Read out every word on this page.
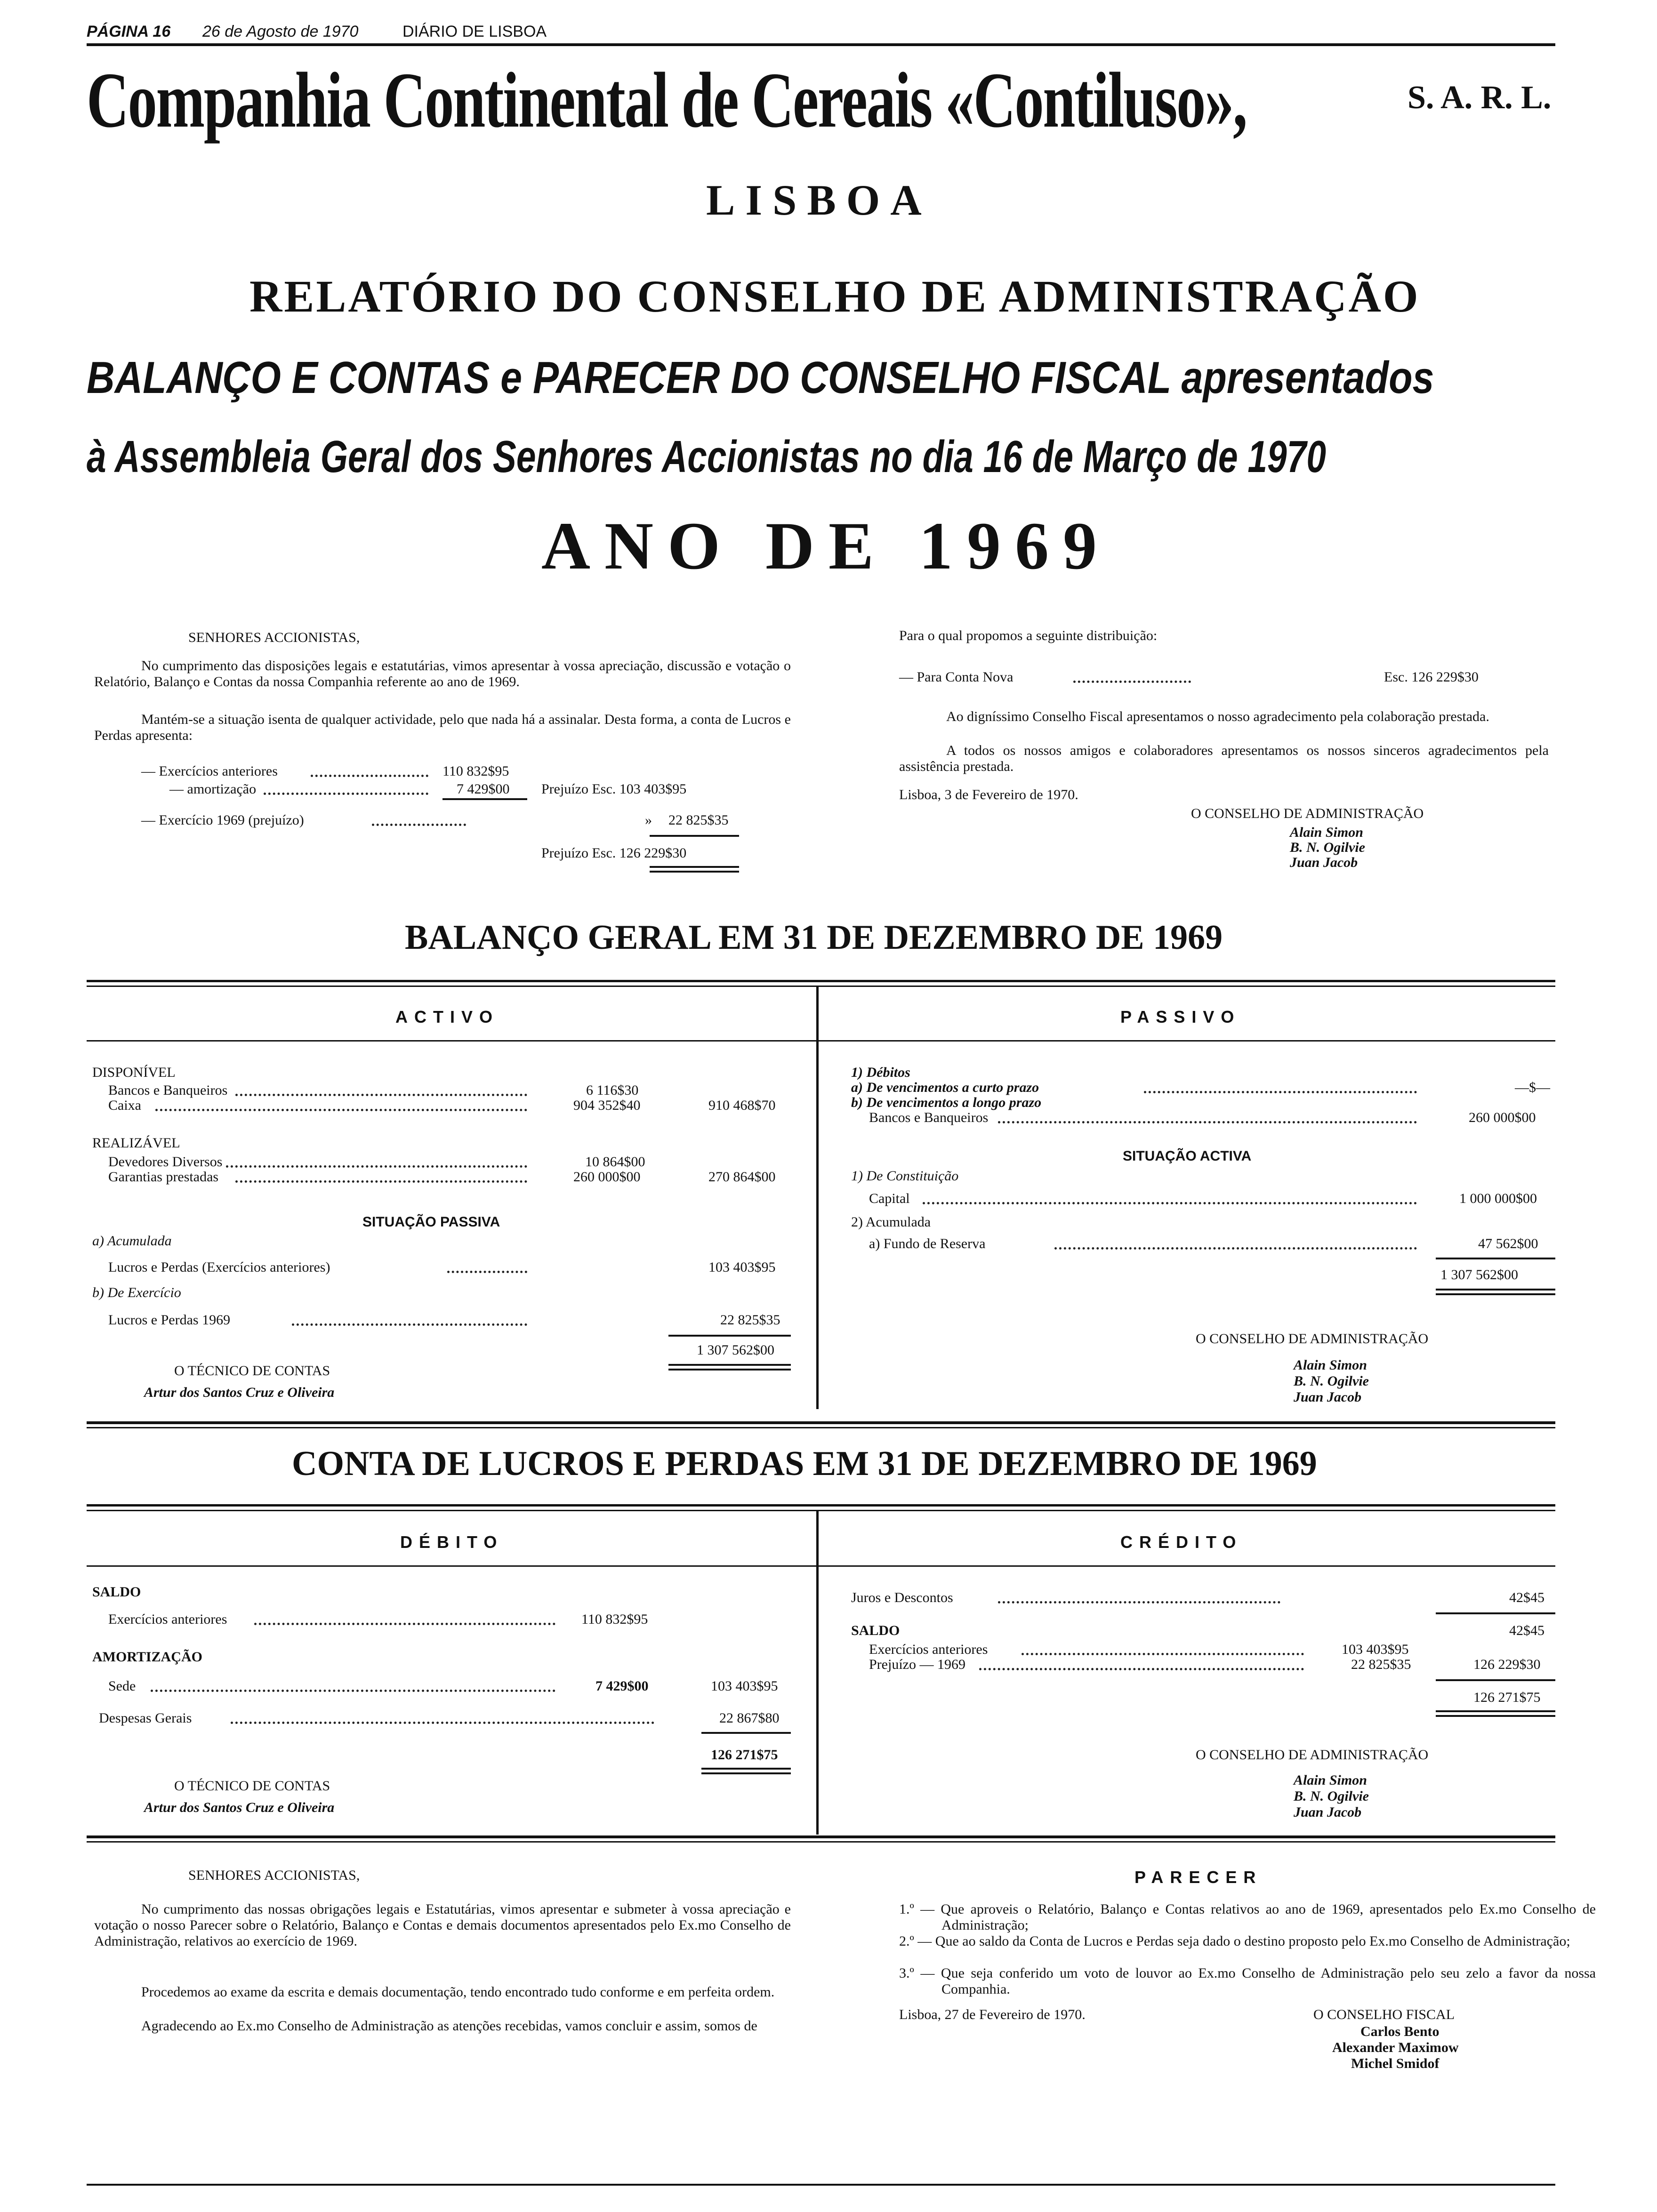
PÁGINA 16 26 de Agosto de 1970	DIÁRIO DE LISBOA
Companhia Continental de Cereais «Contiluso»,	S. A. R. L.
LISBOA
RELATÓRIO DO CONSELHO DE ADMINISTRAÇÃO
BALANÇO E CONTAS e PARECER DO CONSELHO FISCAL apresentados
à Assembleia Geral dos Senhores Accionistas no dia 16 de Março de 1970
ANO DE 1969
SENHORES ACCIONISTAS,
No cumprimento das disposições legais e estatutárias, vimos apresentar à vossa apreciação, discussão e votação o Relatório, Balanço e Contas da nossa Companhia referente ao ano de 1969.
Mantém-se a situação isenta de qualquer actividade, pelo que nada há a assinalar. Desta forma, a conta de Lucros e Perdas apresenta:
— Exercícios anteriores	110 832$95
— amortização	7 429$00 Prejuízo Esc. 103 403$95
— Exercício 1969 (prejuízo)	» 22 825$35
Prejuízo Esc. 126 229$30
Para o qual propomos a seguinte distribuição:
— Para Conta Nova	Esc. 126 229$30
Ao digníssimo Conselho Fiscal apresentamos o nosso agradecimento pela colaboração prestada.
A todos os nossos amigos e colaboradores apresentamos os nossos sinceros agradecimentos pela assistência prestada.
Lisboa, 3 de Fevereiro de 1970.
O CONSELHO DE ADMINISTRAÇÃO
Alain Simon
B. N. Ogilvie
Juan Jacob
BALANÇO GERAL EM 31 DE DEZEMBRO DE 1969
ACTIVO	PASSIVO
DISPONÍVEL
Bancos e Banqueiros	6 116$30
Caixa	904 352$40	910 468$70
REALIZÁVEL
Devedores Diversos	10 864$00
Garantias prestadas	260 000$00	270 864$00
SITUAÇÃO PASSIVA
a) Acumulada
Lucros e Perdas (Exercícios anteriores)	103 403$95
b) De Exercício
Lucros e Perdas 1969	22 825$35
1 307 562$00
O TÉCNICO DE CONTAS
Artur dos Santos Cruz e Oliveira
1) Débitos
a) De vencimentos a curto prazo	—$—
b) De vencimentos a longo prazo
Bancos e Banqueiros	260 000$00
SITUAÇÃO ACTIVA
1) De Constituição
Capital	1 000 000$00
2) Acumulada
a) Fundo de Reserva	47 562$00
1 307 562$00
O CONSELHO DE ADMINISTRAÇÃO
Alain Simon
B. N. Ogilvie
Juan Jacob
CONTA DE LUCROS E PERDAS EM 31 DE DEZEMBRO DE 1969
DÉBITO	CRÉDITO
SALDO
Exercícios anteriores	110 832$95
AMORTIZAÇÃO
Sede	7 429$00	103 403$95
Despesas Gerais	22 867$80
126 271$75
O TÉCNICO DE CONTAS
Artur dos Santos Cruz e Oliveira
Juros e Descontos	42$45
42$45
SALDO
Exercícios anteriores	103 403$95
Prejuízo — 1969	22 825$35	126 229$30
126 271$75
O CONSELHO DE ADMINISTRAÇÃO
Alain Simon
B. N. Ogilvie
Juan Jacob
SENHORES ACCIONISTAS,
No cumprimento das nossas obrigações legais e Estatutárias, vimos apresentar e submeter à vossa apreciação e votação o nosso Parecer sobre o Relatório, Balanço e Contas e demais documentos apresentados pelo Ex.mo Conselho de Administração, relativos ao exercício de 1969.
Procedemos ao exame da escrita e demais documentação, tendo encontrado tudo conforme e em perfeita ordem.
Agradecendo ao Ex.mo Conselho de Administração as atenções recebidas, vamos concluir e assim, somos de
PARECER
1.º — Que aproveis o Relatório, Balanço e Contas relativos ao ano de 1969, apresentados pelo Ex.mo Conselho de Administração;
2.º — Que ao saldo da Conta de Lucros e Perdas seja dado o destino proposto pelo Ex.mo Conselho de Administração;
3.º — Que seja conferido um voto de louvor ao Ex.mo Conselho de Administração pelo seu zelo a favor da nossa Companhia.
Lisboa, 27 de Fevereiro de 1970.	O CONSELHO FISCAL
Carlos Bento
Alexander Maximow
Michel Smidof
